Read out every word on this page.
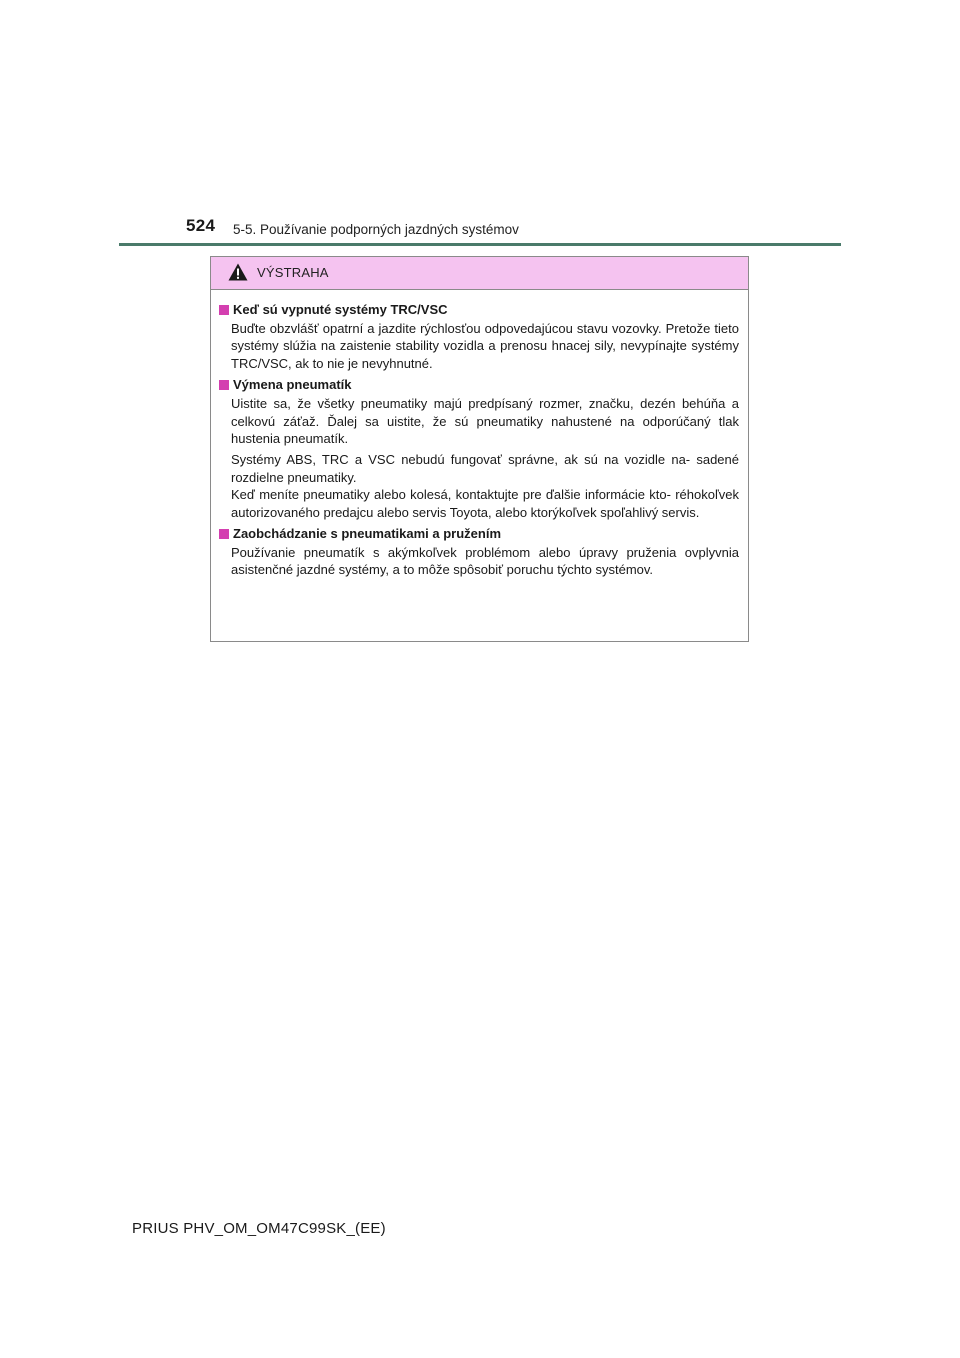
524 5-5. Používanie podporných jazdných systémov
VÝSTRAHA
Keď sú vypnuté systémy TRC/VSC

Buďte obzvlášť opatrní a jazdite rýchlosťou odpovedajúcou stavu vozovky. Pretože tieto systémy slúžia na zaistenie stability vozidla a prenosu hnacej sily, nevypínajte systémy TRC/VSC, ak to nie je nevyhnutné.

Výmena pneumatík

Uistite sa, že všetky pneumatiky majú predpísaný rozmer, značku, dezén behúňa a celkovú záťaž. Ďalej sa uistite, že sú pneumatiky nahustené na odporúčaný tlak hustenia pneumatík.

Systémy ABS, TRC a VSC nebudú fungovať správne, ak sú na vozidle na- sadené rozdielne pneumatiky.
Keď meníte pneumatiky alebo kolesá, kontaktujte pre ďalšie informácie kto- réhokoľvek autorizovaného predajcu alebo servis Toyota, alebo ktorýkoľvek spoľahlivý servis.

Zaobchádzanie s pneumatikami a pružením

Používanie pneumatík s akýmkoľvek problémom alebo úpravy pruženia ovplyvnia asistenčné jazdné systémy, a to môže spôsobiť poruchu týchto systémov.

PRIUS PHV_OM_OM47C99SK_(EE)
